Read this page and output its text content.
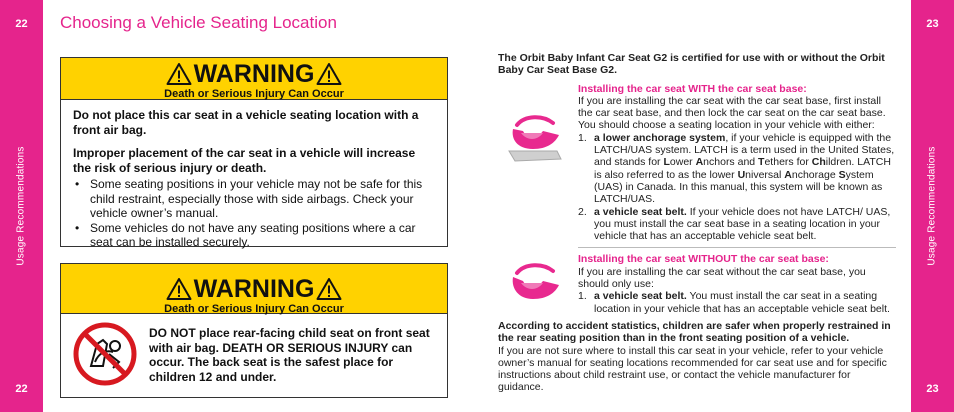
22
Usage Recommendations
22
23
Usage Recommendations
23
Choosing a Vehicle Seating Location
WARNING
Death or Serious Injury Can Occur

Do not place this car seat in a vehicle seating location with a front air bag.

Improper placement of the car seat in a vehicle will increase the risk of serious injury or death.

• Some seating positions in your vehicle may not be safe for this child restraint, especially those with side airbags. Check your vehicle owner’s manual.
• Some vehicles do not have any seating positions where a car seat can be installed securely.
WARNING
Death or Serious Injury Can Occur
DO NOT place rear-facing child seat on front seat with air bag. DEATH OR SERIOUS INJURY can occur. The back seat is the safest place for children 12 and under.
The Orbit Baby Infant Car Seat G2 is certified for use with or without the Orbit Baby Car Seat Base G2.
Installing the car seat WITH the car seat base:
If you are installing the car seat with the car seat base, first install the car seat base, and then lock the car seat on the car seat base. You should choose a seating location in your vehicle with either:
1. a lower anchorage system, if your vehicle is equipped with the LATCH/UAS system. LATCH is a term used in the United States, and stands for Lower Anchors and Tethers for Children. LATCH is also referred to as the lower Universal Anchorage System (UAS) in Canada. In this manual, this system will be known as LATCH/UAS.
2. a vehicle seat belt. If your vehicle does not have LATCH/ UAS, you must install the car seat base in a seating location in your vehicle that has an acceptable vehicle seat belt.
Installing the car seat WITHOUT the car seat base:
If you are installing the car seat without the car seat base, you should only use:
1. a vehicle seat belt. You must install the car seat in a seating location in your vehicle that has an acceptable vehicle seat belt.
According to accident statistics, children are safer when properly restrained in the rear seating position than in the front seating position of a vehicle.
If you are not sure where to install this car seat in your vehicle, refer to your vehicle owner’s manual for seating locations recommended for car seat use and for specific instructions about child restraint use, or contact the vehicle manufacturer for guidance.
